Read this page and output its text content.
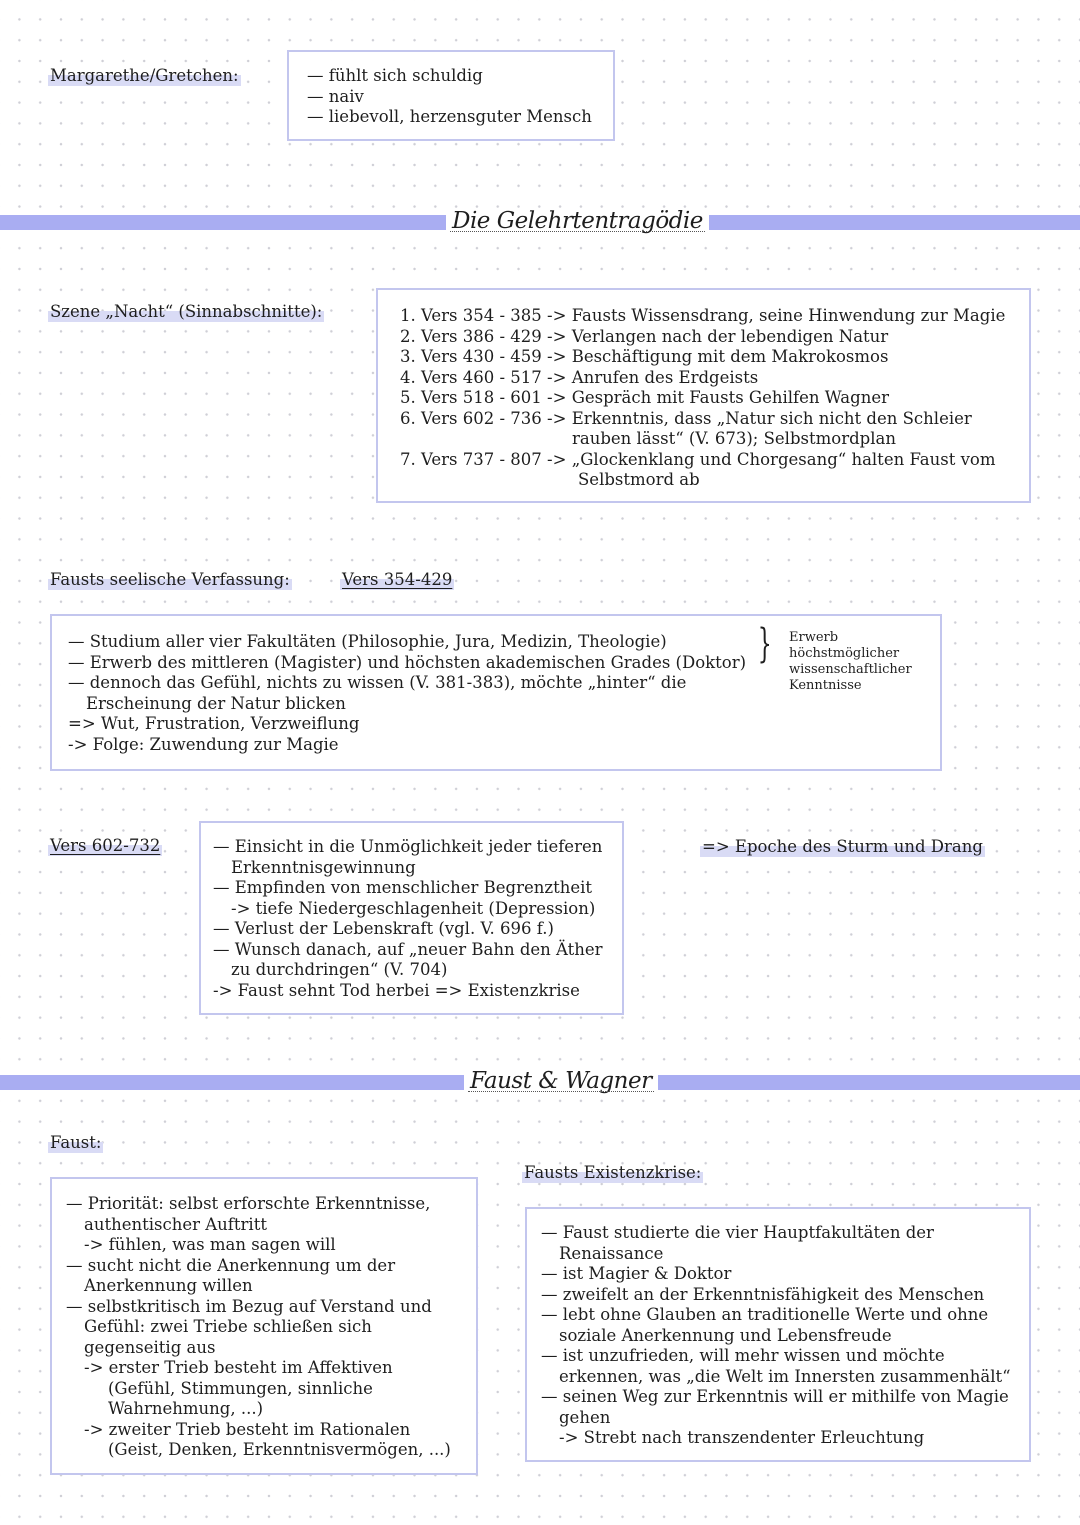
Margarethe/Gretchen:	— fühlt sich schuldig
— naiv
— liebevoll, herzensguter Mensch
Die Gelehrtentragödie
Szene „Nacht“ (Sinnabschnitte):	1. Vers 354 - 385 -> Fausts Wissensdrang, seine Hinwendung zur Magie
2. Vers 386 - 429 -> Verlangen nach der lebendigen Natur
3. Vers 430 - 459 -> Beschäftigung mit dem Makrokosmos
4. Vers 460 - 517 -> Anrufen des Erdgeists
5. Vers 518 - 601 -> Gespräch mit Fausts Gehilfen Wagner
6. Vers 602 - 736 -> Erkenntnis, dass „Natur sich nicht den Schleier
rauben lässt“ (V. 673); Selbstmordplan
7. Vers 737 - 807 -> „Glockenklang und Chorgesang“ halten Faust vom
Selbstmord ab
Fausts seelische Verfassung:	Vers 354-429
— Studium aller vier Fakultäten (Philosophie, Jura, Medizin, Theologie)
— Erwerb des mittleren (Magister) und höchsten akademischen Grades (Doktor)
— dennoch das Gefühl, nichts zu wissen (V. 381-383), möchte „hinter“ die
Erscheinung der Natur blicken
=> Wut, Frustration, Verzweiflung
-> Folge: Zuwendung zur Magie
} Erwerb
höchstmöglicher
wissenschaftlicher
Kenntnisse
Vers 602-732	— Einsicht in die Unmöglichkeit jeder tieferen
Erkenntnisgewinnung
— Empfinden von menschlicher Begrenztheit
-> tiefe Niedergeschlagenheit (Depression)
— Verlust der Lebenskraft (vgl. V. 696 f.)
— Wunsch danach, auf „neuer Bahn den Äther
zu durchdringen“ (V. 704)
-> Faust sehnt Tod herbei => Existenzkrise
=> Epoche des Sturm und Drang
Faust & Wagner
Faust:
— Priorität: selbst erforschte Erkenntnisse,
authentischer Auftritt
-> fühlen, was man sagen will
— sucht nicht die Anerkennung um der
Anerkennung willen
— selbstkritisch im Bezug auf Verstand und
Gefühl: zwei Triebe schließen sich
gegenseitig aus
-> erster Trieb besteht im Affektiven
(Gefühl, Stimmungen, sinnliche
Wahrnehmung, ...)
-> zweiter Trieb besteht im Rationalen
(Geist, Denken, Erkenntnisvermögen, ...)
Fausts Existenzkrise:
— Faust studierte die vier Hauptfakultäten der
Renaissance
— ist Magier & Doktor
— zweifelt an der Erkenntnisfähigkeit des Menschen
— lebt ohne Glauben an traditionelle Werte und ohne
soziale Anerkennung und Lebensfreude
— ist unzufrieden, will mehr wissen und möchte
erkennen, was „die Welt im Innersten zusammenhält“
— seinen Weg zur Erkenntnis will er mithilfe von Magie
gehen
-> Strebt nach transzendenter Erleuchtung
